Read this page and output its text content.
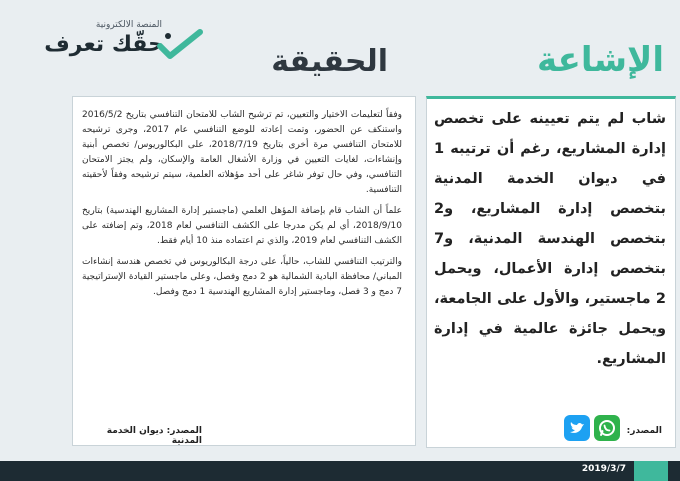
المنصة الالكترونية
حقّك تعرف	الإشاعة
الحقيقة

وفقاً لتعليمات الاختيار والتعيين، تم ترشيح الشاب للامتحان التنافسي بتاريخ 2016/5/2 واستنكف عن الحضور، وتمت إعادته للوضع التنافسي عام 2017، وجرى ترشيحه للامتحان التنافسي مرة أخرى بتاريخ 2018/7/19، على البكالوريوس/ تخصص أبنية وإنشاءات، لغايات التعيين في وزارة الأشغال العامة والإسكان، ولم يجتز الامتحان التنافسي، وفي حال توفر شاغر على أحد مؤهلاته العلمية، سيتم ترشيحه وفقاً لأحقيته التنافسية.

علماً أن الشاب قام بإضافة المؤهل العلمي (ماجستير إدارة المشاريع الهندسية) بتاريخ 2018/9/10، أي لم يكن مدرجا على الكشف التنافسي لعام 2018، وتم إضافته على الكشف التنافسي لعام 2019، والذي تم اعتماده منذ 10 أيام فقط.

والترتيب التنافسي للشاب، حالياً، على درجة البكالوريوس في تخصص هندسة إنشاءات المباني/ محافظة البادية الشمالية هو 2 دمج وفصل، وعلى ماجستير القيادة الإستراتيجية 7 دمج و 3 فصل، وماجستير إدارة المشاريع الهندسية 1 دمج وفصل.

شاب لم يتم تعيينه على تخصص إدارة المشاريع، رغم أن ترتيبه 1 في ديوان الخدمة المدنية بتخصص إدارة المشاريع، و2 بتخصص الهندسة المدنية، و7 بتخصص إدارة الأعمال، ويحمل 2 ماجستير، والأول على الجامعة، ويحمل جائزة عالمية في إدارة المشاريع.
المصدر: ديوان الخدمة المدنية
المصدر:
2019/3/7
